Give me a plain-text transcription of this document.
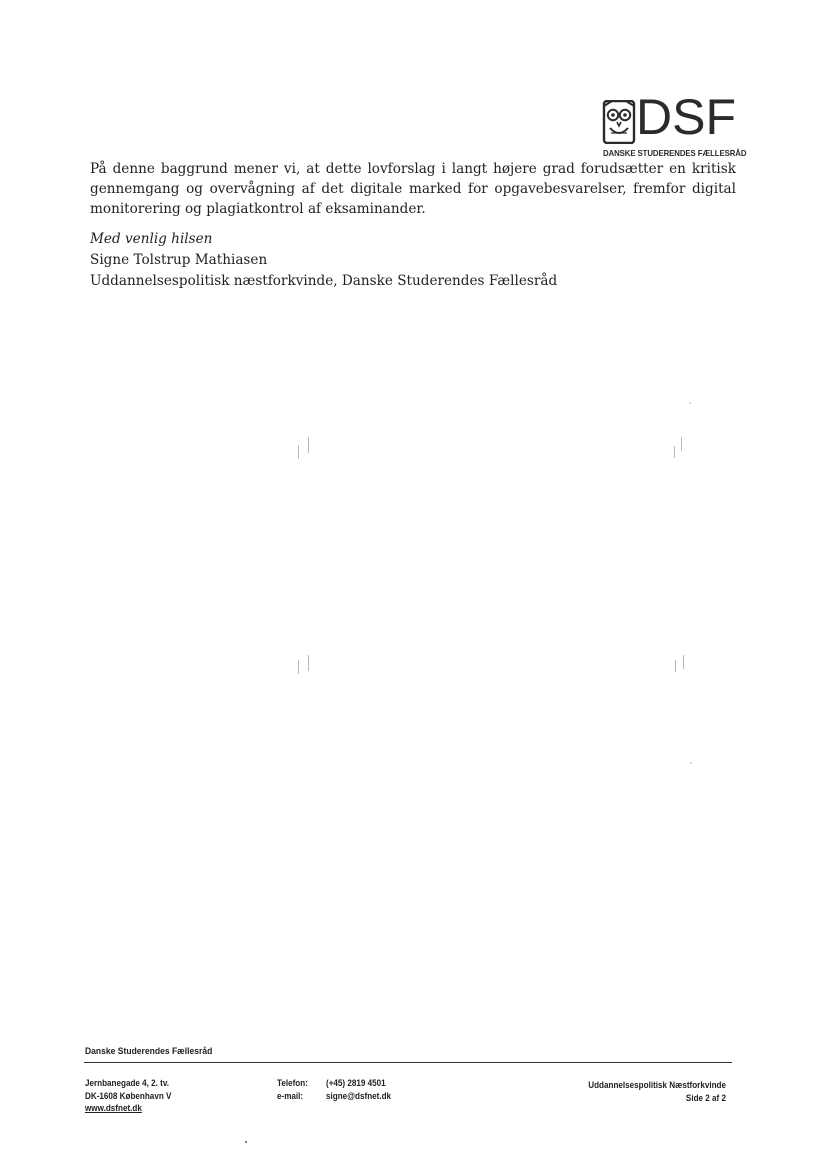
DSF
DANSKE STUDERENDES FÆLLESRÅD
På denne baggrund mener vi, at dette lovforslag i langt højere grad forudsætter en kritisk gennemgang og overvågning af det digitale marked for opgavebesvarelser, fremfor digital monitorering og plagiatkontrol af eksaminander.
Med venlig hilsen
Signe Tolstrup Mathiasen
Uddannelsespolitisk næstforkvinde, Danske Studerendes Fællesråd
Danske Studerendes Fællesråd
Jernbanegade 4, 2. tv.
DK-1608 København V
www.dsfnet.dk
Telefon:
e-mail:
(+45) 2819 4501
signe@dsfnet.dk
Uddannelsespolitisk Næstforkvinde
Side 2 af 2
